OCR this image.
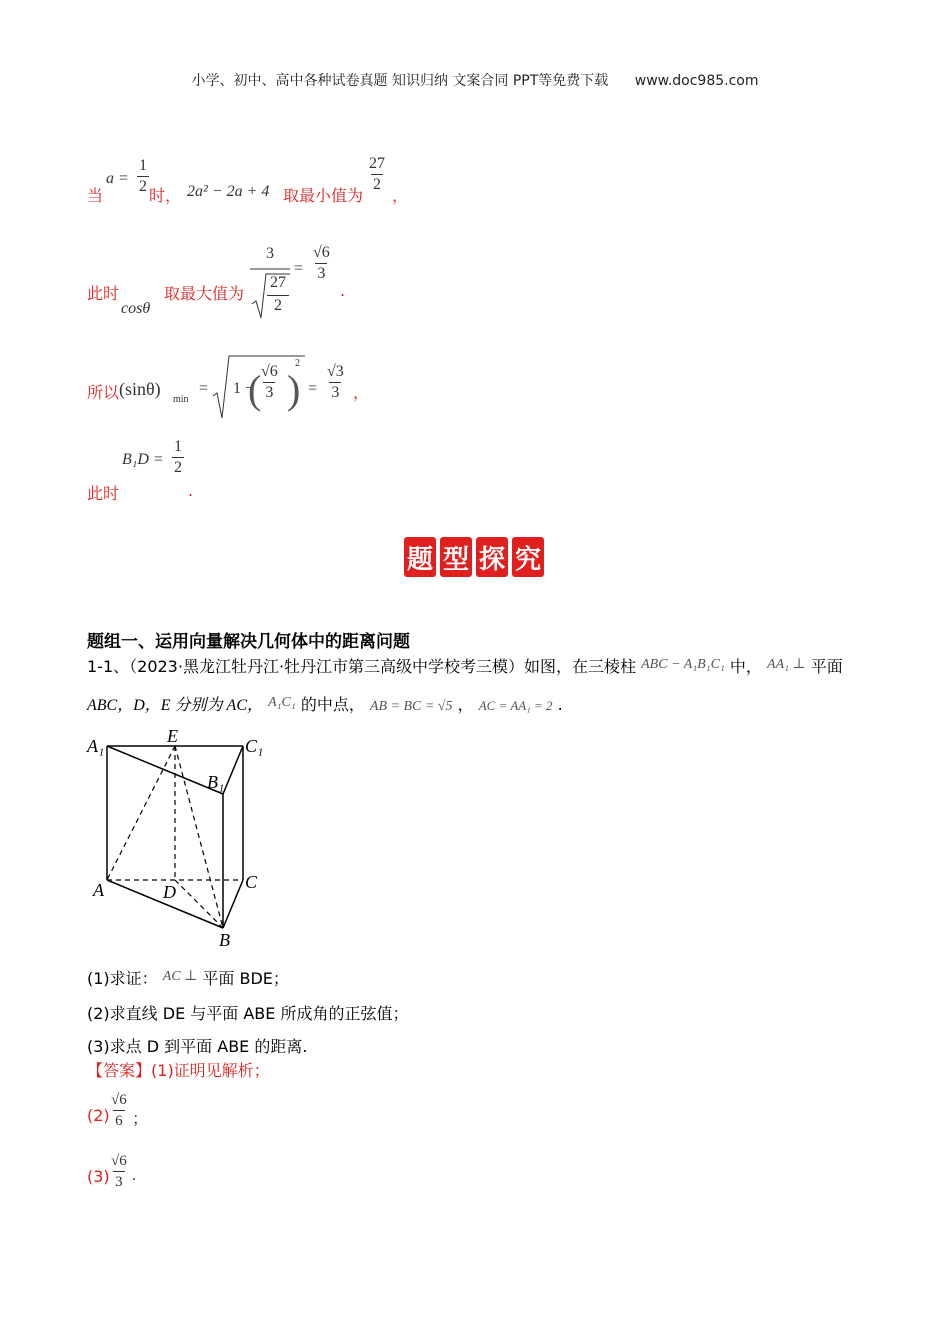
小学、初中、高中各种试卷真题 知识归纳 文案合同 PPT等免费下载 www.doc985.com
当
$a = \frac{1}{2}$ 时， 2a² − 2a + 4 取最小值为
$\frac{27}{2}$
，
此时
cosθ
取最大值为
3
27
2
= $\frac{√6}{3}$
.
所以 (sinθ)
min
= 1 −
(
$\frac{√6}{3}$ )
2
= $\frac{√3}{3}$ ，
此时
$B_1D = \frac{1}{2}$
.
题 型 探 究
题组一、运用向量解决几何体中的距离问题
1-1、（2023·黑龙江牡丹江·牡丹江市第三高级中学校考三模）如图，在三棱柱 ABC − A₁B₁C₁ 中， AA₁ ⊥ 平面
ABC，D，E 分别为 AC， A₁C₁ 的中点， AB = BC = √5 ， AC = AA₁ = 2 .
A₁	E	C₁
B₁
A	D	C
B
(1)求证： AC ⊥ 平面 BDE；
(2)求直线 DE 与平面 ABE 所成角的正弦值；
(3)求点 D 到平面 ABE 的距离.
【答案】(1)证明见解析；
$(2) \frac{√6}{6}$ ；
$(3) \frac{√6}{3}$ .
